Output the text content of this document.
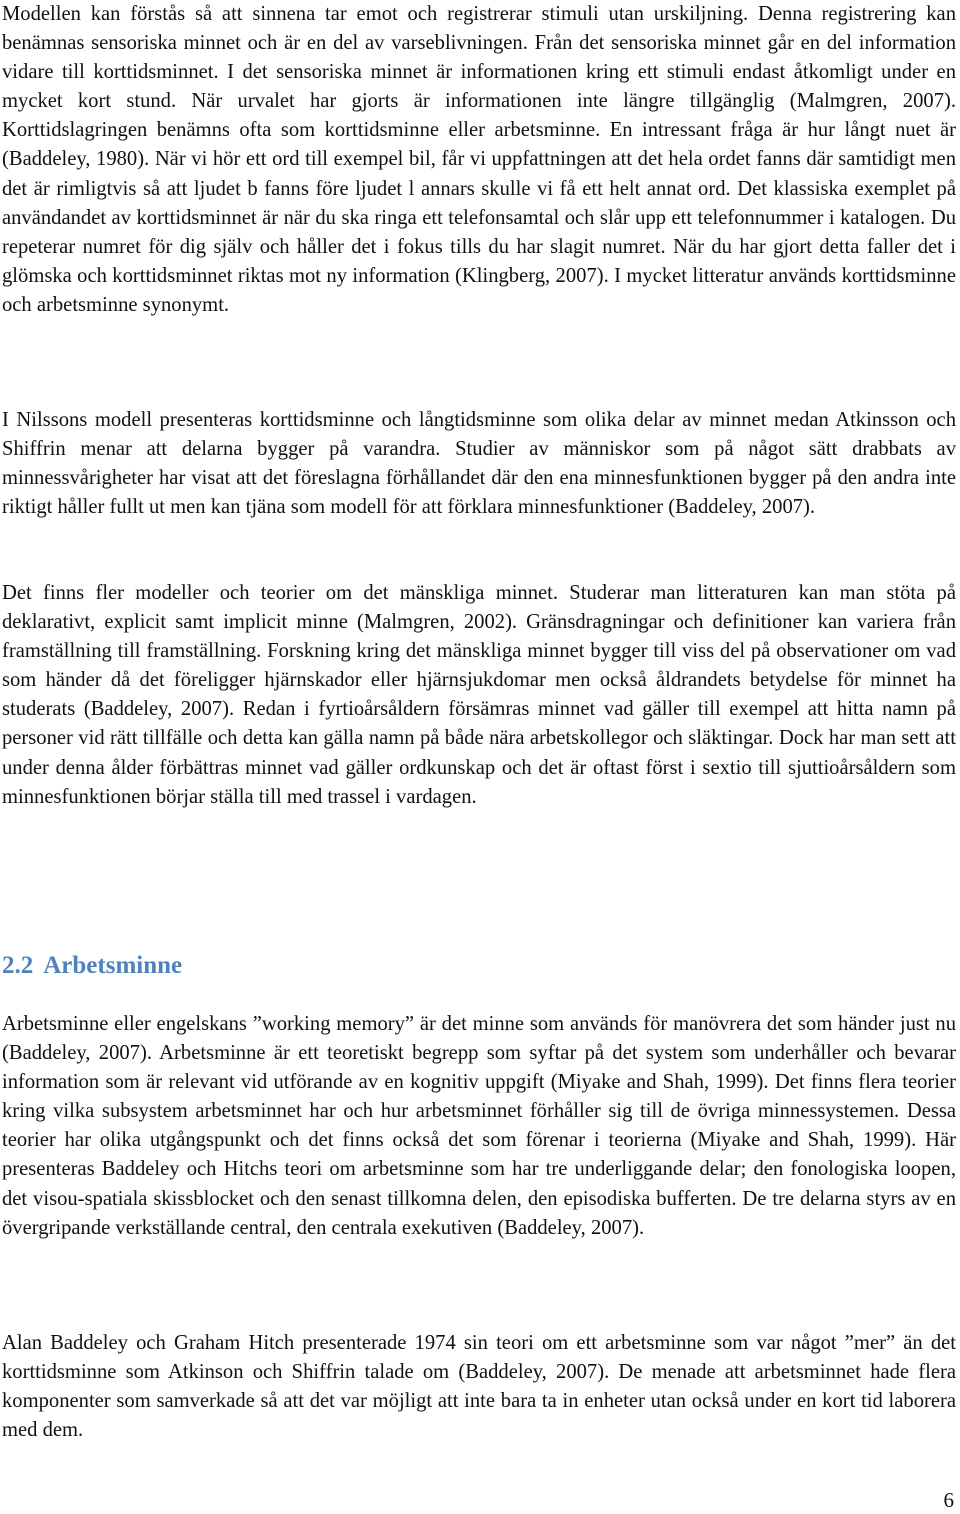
Modellen kan förstås så att sinnena tar emot och registrerar stimuli utan urskiljning. Denna registrering kan benämnas sensoriska minnet och är en del av varseblivningen. Från det sensoriska minnet går en del information vidare till korttidsminnet. I det sensoriska minnet är informationen kring ett stimuli endast åtkomligt under en mycket kort stund. När urvalet har gjorts är informationen inte längre tillgänglig (Malmgren, 2007). Korttidslagringen benämns ofta som korttidsminne eller arbetsminne. En intressant fråga är hur långt nuet är (Baddeley, 1980). När vi hör ett ord till exempel bil, får vi uppfattningen att det hela ordet fanns där samtidigt men det är rimligtvis så att ljudet b fanns före ljudet l annars skulle vi få ett helt annat ord. Det klassiska exemplet på användandet av korttidsminnet är när du ska ringa ett telefonsamtal och slår upp ett telefonnummer i katalogen. Du repeterar numret för dig själv och håller det i fokus tills du har slagit numret. När du har gjort detta faller det i glömska och korttidsminnet riktas mot ny information (Klingberg, 2007). I mycket litteratur används korttidsminne och arbetsminne synonymt.

I Nilssons modell presenteras korttidsminne och långtidsminne som olika delar av minnet medan Atkinsson och Shiffrin menar att delarna bygger på varandra. Studier av människor som på något sätt drabbats av minnessvårigheter har visat att det föreslagna förhållandet där den ena minnesfunktionen bygger på den andra inte riktigt håller fullt ut men kan tjäna som modell för att förklara minnesfunktioner (Baddeley, 2007).

Det finns fler modeller och teorier om det mänskliga minnet. Studerar man litteraturen kan man stöta på deklarativt, explicit samt implicit minne (Malmgren, 2002). Gränsdragningar och definitioner kan variera från framställning till framställning. Forskning kring det mänskliga minnet bygger till viss del på observationer om vad som händer då det föreligger hjärnskador eller hjärnsjukdomar men också åldrandets betydelse för minnet ha studerats (Baddeley, 2007). Redan i fyrtioårsåldern försämras minnet vad gäller till exempel att hitta namn på personer vid rätt tillfälle och detta kan gälla namn på både nära arbetskollegor och släktingar. Dock har man sett att under denna ålder förbättras minnet vad gäller ordkunskap och det är oftast först i sextio till sjuttioårsåldern som minnesfunktionen börjar ställa till med trassel i vardagen.

2.2 Arbetsminne

Arbetsminne eller engelskans ”working memory” är det minne som används för manövrera det som händer just nu (Baddeley, 2007). Arbetsminne är ett teoretiskt begrepp som syftar på det system som underhåller och bevarar information som är relevant vid utförande av en kognitiv uppgift (Miyake and Shah, 1999). Det finns flera teorier kring vilka subsystem arbetsminnet har och hur arbetsminnet förhåller sig till de övriga minnessystemen. Dessa teorier har olika utgångspunkt och det finns också det som förenar i teorierna (Miyake and Shah, 1999). Här presenteras Baddeley och Hitchs teori om arbetsminne som har tre underliggande delar; den fonologiska loopen, det visou-spatiala skissblocket och den senast tillkomna delen, den episodiska bufferten. De tre delarna styrs av en övergripande verkställande central, den centrala exekutiven (Baddeley, 2007).

Alan Baddeley och Graham Hitch presenterade 1974 sin teori om ett arbetsminne som var något ”mer” än det korttidsminne som Atkinson och Shiffrin talade om (Baddeley, 2007). De menade att arbetsminnet hade flera komponenter som samverkade så att det var möjligt att inte bara ta in enheter utan också under en kort tid laborera med dem.

6
